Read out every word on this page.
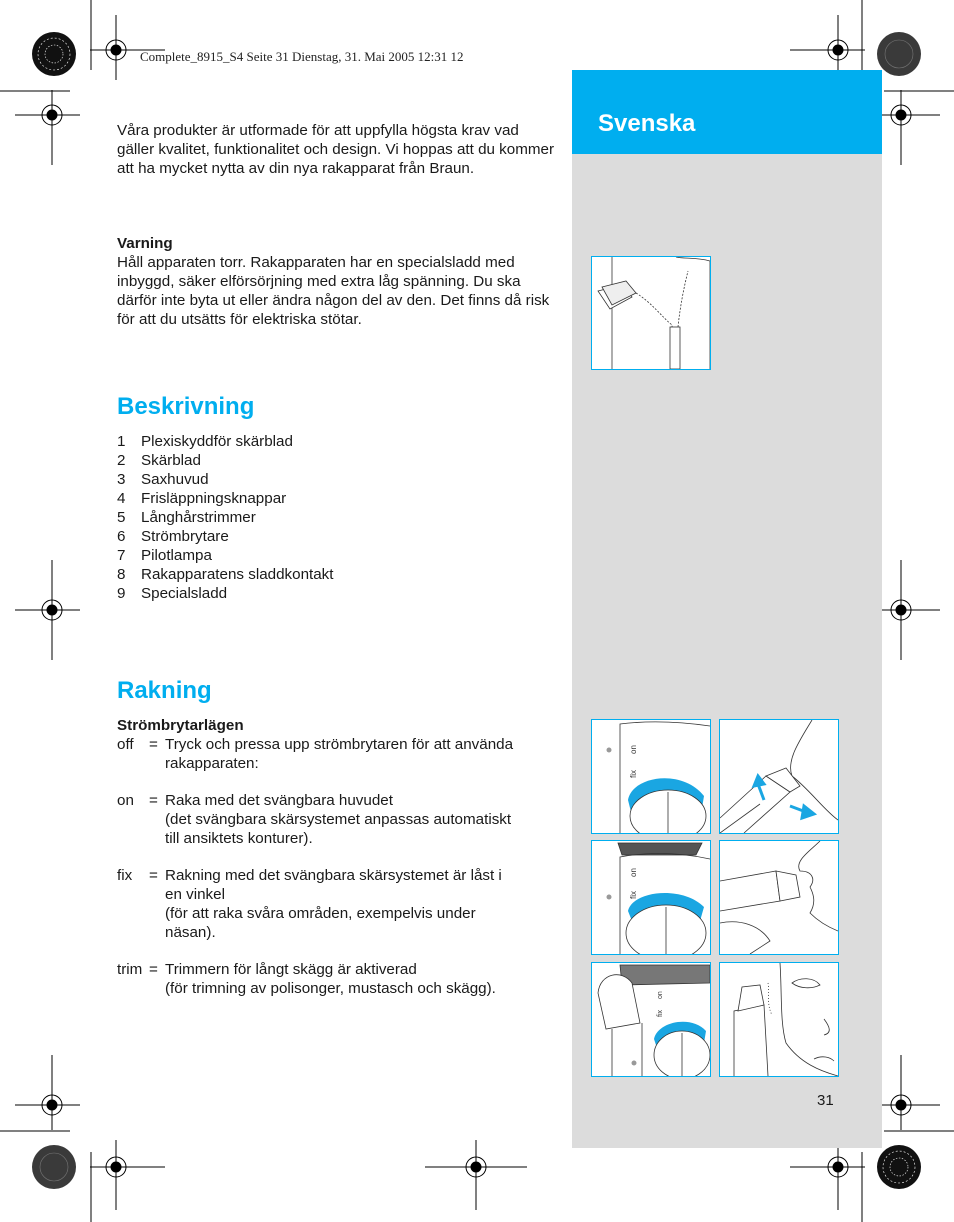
Complete_8915_S4 Seite 31 Dienstag, 31. Mai 2005 12:31 12
Svenska
Våra produkter är utformade för att uppfylla högsta krav vad gäller kvalitet, funktionalitet och design. Vi hoppas att du kommer att ha mycket nytta av din nya rakapparat från Braun.
Varning
Håll apparaten torr. Rakapparaten har en specialsladd med inbyggd, säker elförsörjning med extra låg spänning. Du ska därför inte byta ut eller ändra någon del av den. Det finns då risk för att du utsätts för elektriska stötar.
Beskrivning
1	Plexiskyddför skärblad
2	Skärblad
3	Saxhuvud
4	Frisläppningsknappar
5	Långhårstrimmer
6	Strömbrytare
7	Pilotlampa
8	Rakapparatens sladdkontakt
9	Specialsladd
Rakning
Strömbrytarlägen
off	= Tryck och pressa upp strömbrytaren för att använda
rakapparaten:
on = Raka med det svängbara huvudet
(det svängbara skärsystemet anpassas automatiskt
till ansiktets konturer).
fix	= Rakning med det svängbara skärsystemet är låst i
en vinkel
(för att raka svåra områden, exempelvis under
näsan).
trim = Trimmern för långt skägg är aktiverad
(för trimning av polisonger, mustasch och skägg).
on
fix
on
fix
on
fix
31
